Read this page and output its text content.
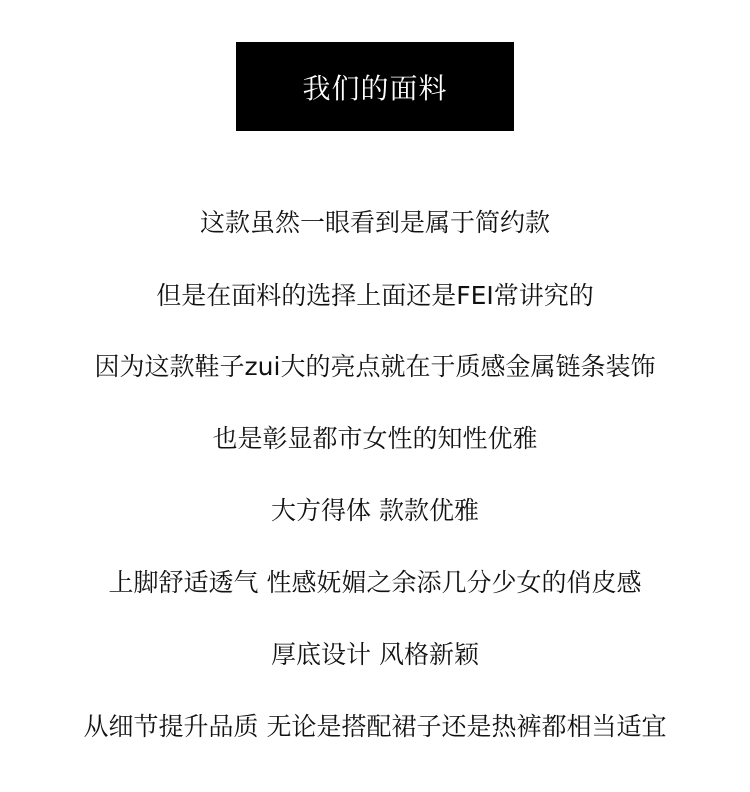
我们的面料
这款虽然一眼看到是属于简约款
但是在面料的选择上面还是FEI常讲究的
因为这款鞋子zui大的亮点就在于质感金属链条装饰
也是彰显都市女性的知性优雅
大方得体 款款优雅
上脚舒适透气 性感妩媚之余添几分少女的俏皮感
厚底设计 风格新颖
从细节提升品质 无论是搭配裙子还是热裤都相当适宜
